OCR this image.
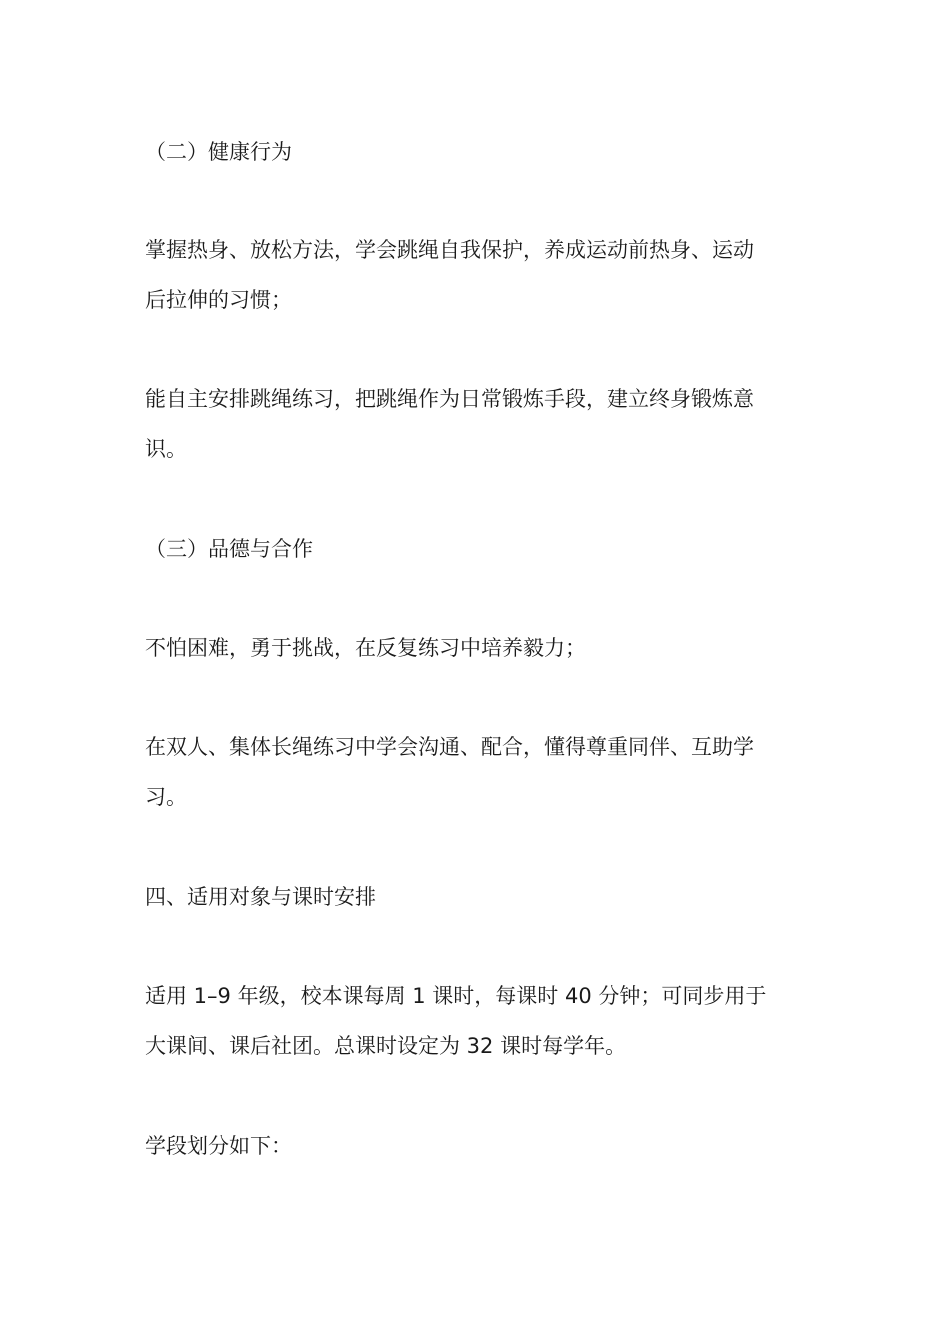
（二）健康行为

掌握热身、放松方法，学会跳绳自我保护，养成运动前热身、运动
后拉伸的习惯；

能自主安排跳绳练习，把跳绳作为日常锻炼手段，建立终身锻炼意
识。

（三）品德与合作

不怕困难，勇于挑战，在反复练习中培养毅力；

在双人、集体长绳练习中学会沟通、配合，懂得尊重同伴、互助学
习。

四、适用对象与课时安排

适用 1–9 年级，校本课每周 1 课时，每课时 40 分钟；可同步用于
大课间、课后社团。总课时设定为 32 课时每学年。

学段划分如下：
